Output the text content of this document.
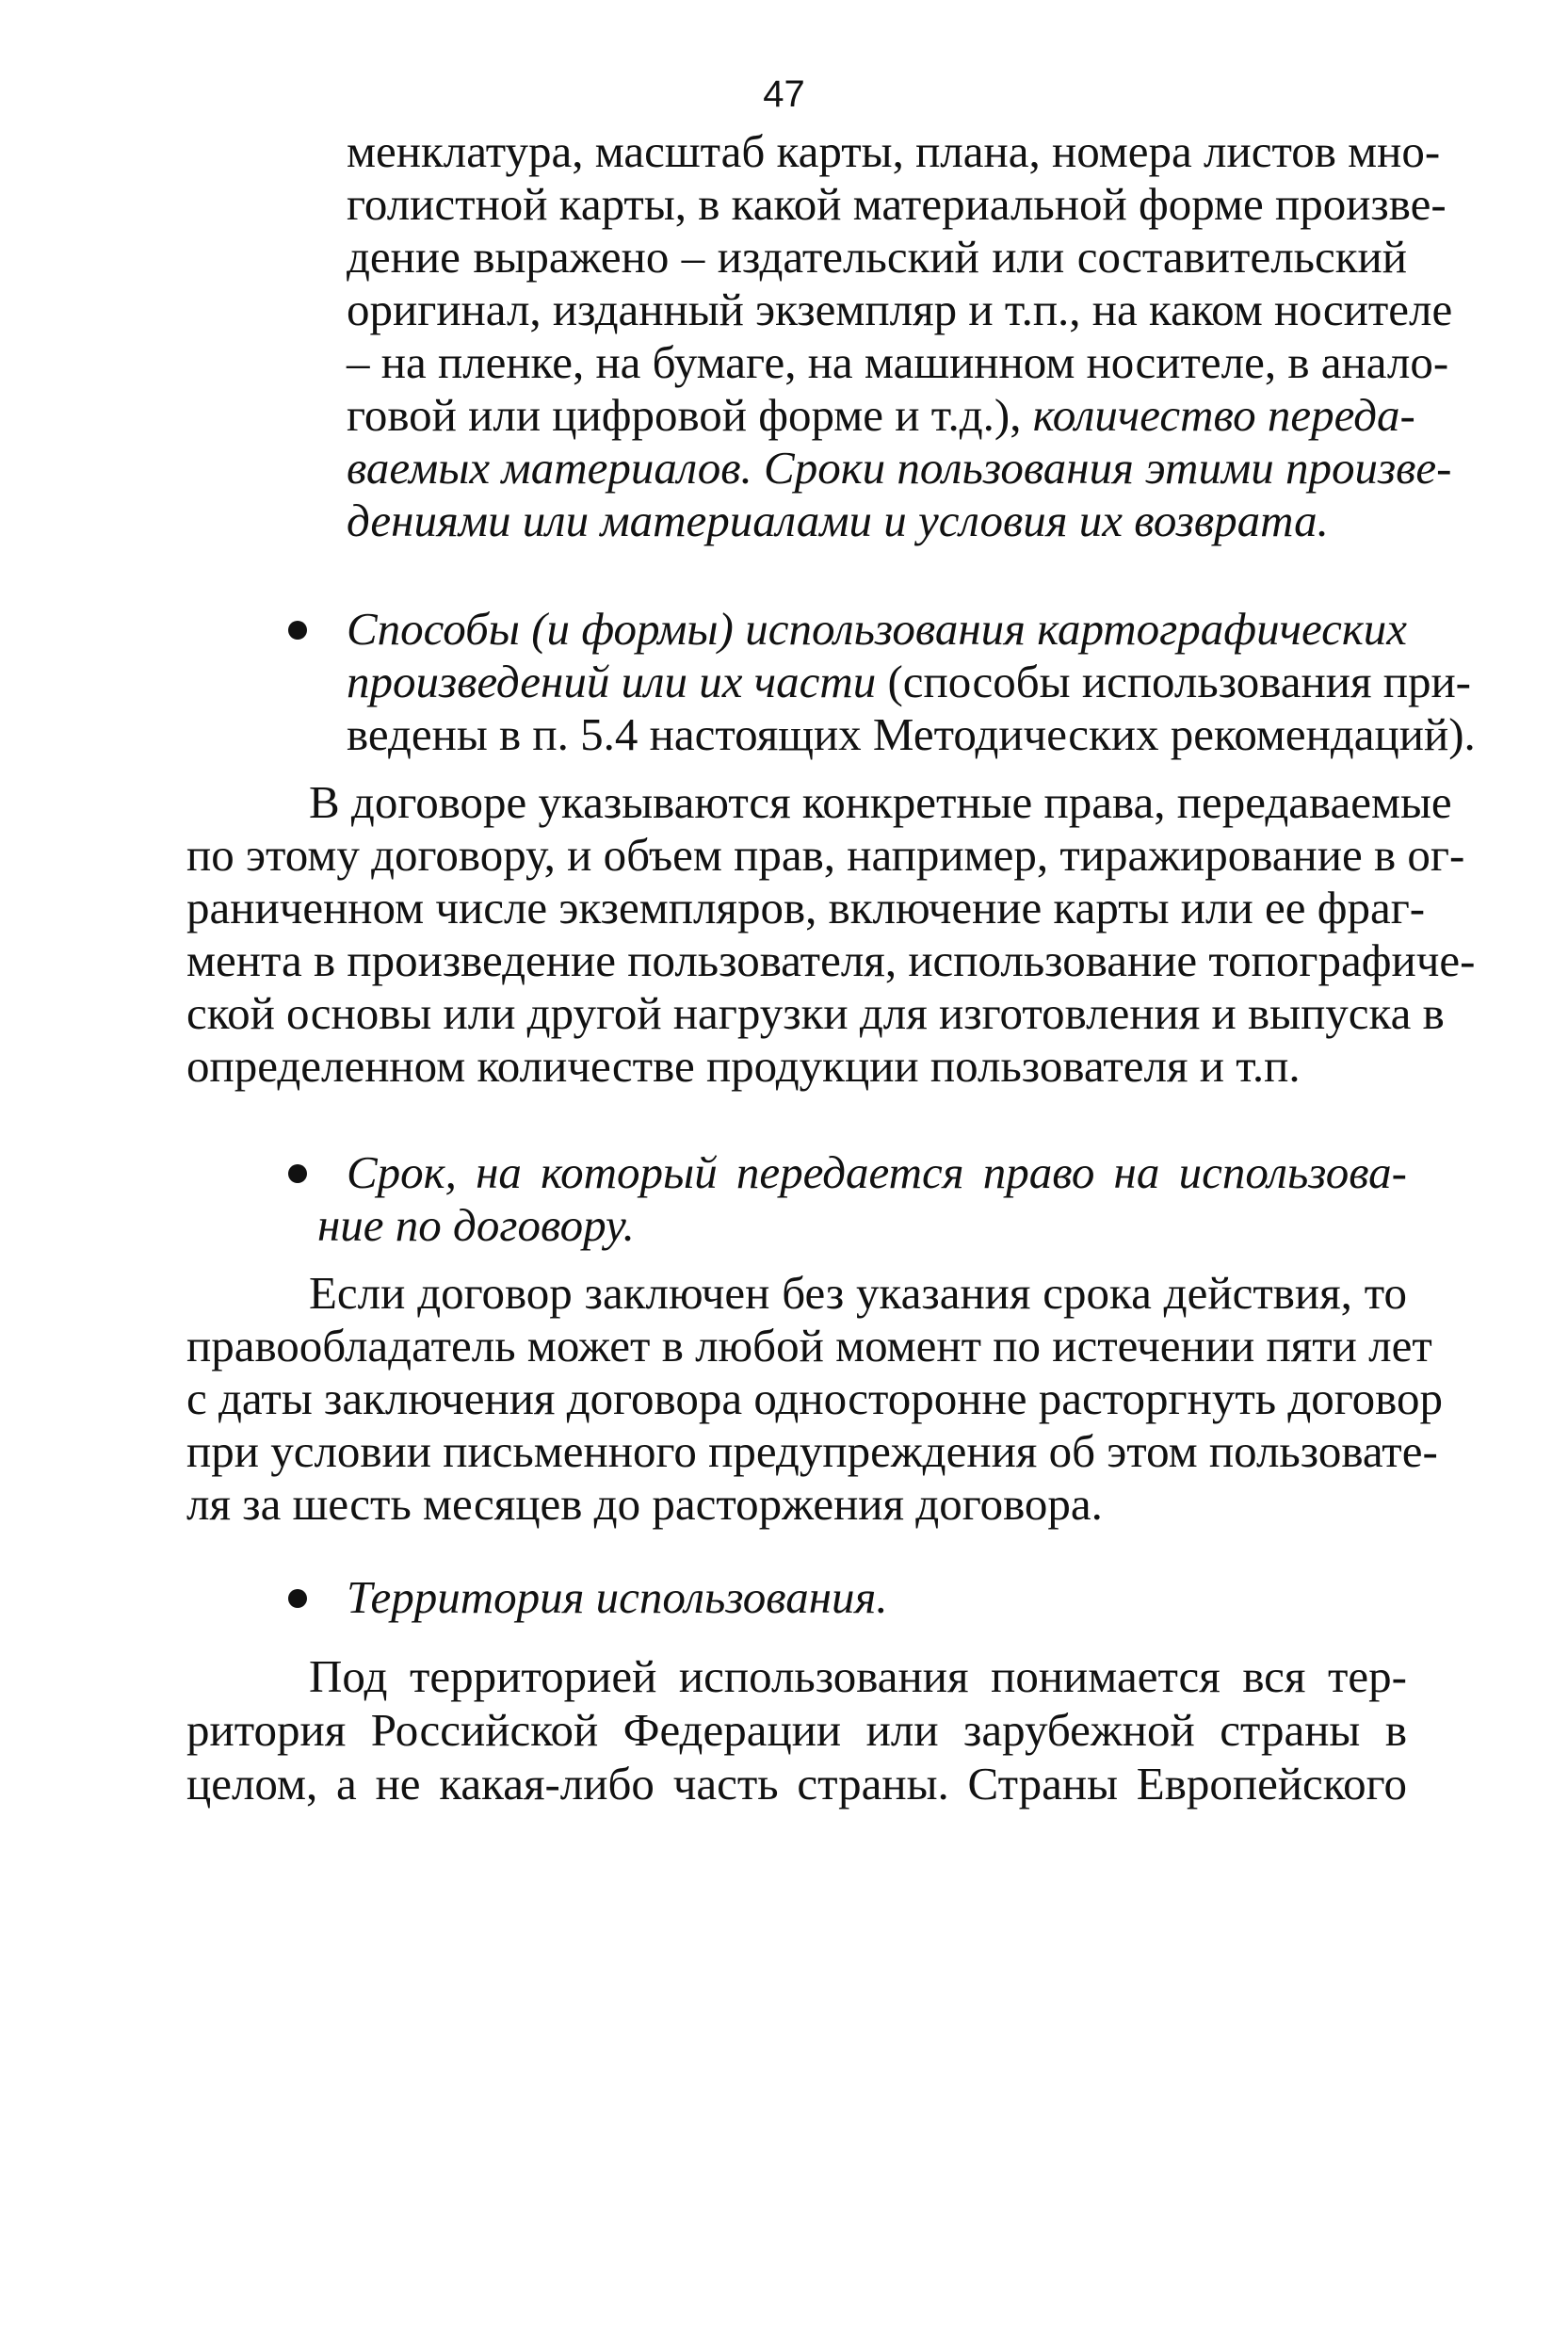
47
менклатура, масштаб карты, плана, номера листов мно-
голистной карты, в какой материальной форме произве-
дение выражено – издательский или составительский
оригинал, изданный экземпляр и т.п., на каком носителе
– на пленке, на бумаге, на машинном носителе, в анало-
говой или цифровой форме и т.д.), количество переда-
ваемых материалов. Сроки пользования этими произве-
дениями или материалами и условия их возврата.
Способы (и формы) использования картографических
произведений или их части (способы использования при-
ведены в п. 5.4 настоящих Методических рекомендаций).
В договоре указываются конкретные права, передаваемые
по этому договору, и объем прав, например, тиражирование в ог-
раниченном числе экземпляров, включение карты или ее фраг-
мента в произведение пользователя, использование топографиче-
ской основы или другой нагрузки для изготовления и выпуска в
определенном количестве продукции пользователя и т.п.
Срок, на который передается право на использова-
ние по договору.
Если договор заключен без указания срока действия, то
правообладатель может в любой момент по истечении пяти лет
с даты заключения договора односторонне расторгнуть договор
при условии письменного предупреждения об этом пользовате-
ля за шесть месяцев до расторжения договора.
Территория использования.
Под территорией использования понимается вся тер-
ритория Российской Федерации или зарубежной страны в
целом, а не какая-либо часть страны. Страны Европейского
